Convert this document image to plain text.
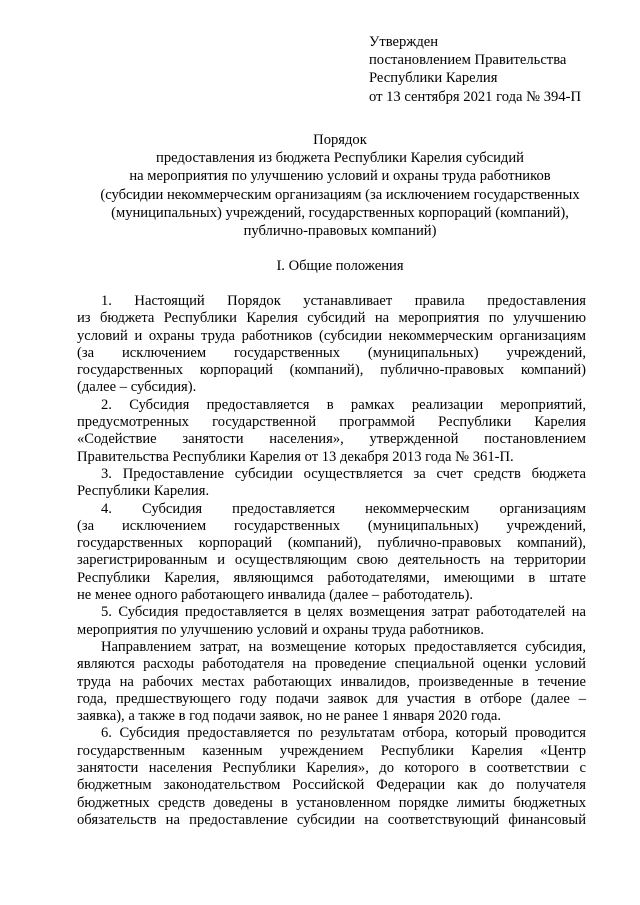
Утвержден
постановлением Правительства
Республики Карелия
от 13 сентября 2021 года № 394-П
Порядок
предоставления из бюджета Республики Карелия субсидий
на мероприятия по улучшению условий и охраны труда работников
(субсидии некоммерческим организациям (за исключением государственных
(муниципальных) учреждений, государственных корпораций (компаний),
публично-правовых компаний)
I. Общие положения
1. Настоящий Порядок устанавливает правила предоставления
из бюджета Республики Карелия субсидий на мероприятия по улучшению
условий и охраны труда работников (субсидии некоммерческим организациям
(за исключением государственных (муниципальных) учреждений,
государственных корпораций (компаний), публично-правовых компаний)
(далее – субсидия).
2. Субсидия предоставляется в рамках реализации мероприятий,
предусмотренных государственной программой Республики Карелия
«Содействие занятости населения», утвержденной постановлением
Правительства Республики Карелия от 13 декабря 2013 года № 361-П.
3. Предоставление субсидии осуществляется за счет средств бюджета
Республики Карелия.
4. Субсидия предоставляется некоммерческим организациям
(за исключением государственных (муниципальных) учреждений,
государственных корпораций (компаний), публично-правовых компаний),
зарегистрированным и осуществляющим свою деятельность на территории
Республики Карелия, являющимся работодателями, имеющими в штате
не менее одного работающего инвалида (далее – работодатель).
5. Субсидия предоставляется в целях возмещения затрат работодателей на
мероприятия по улучшению условий и охраны труда работников.
Направлением затрат, на возмещение которых предоставляется субсидия,
являются расходы работодателя на проведение специальной оценки условий
труда на рабочих местах работающих инвалидов, произведенные в течение
года, предшествующего году подачи заявок для участия в отборе (далее –
заявка), а также в год подачи заявок, но не ранее 1 января 2020 года.
6. Субсидия предоставляется по результатам отбора, который проводится
государственным казенным учреждением Республики Карелия «Центр
занятости населения Республики Карелия», до которого в соответствии с
бюджетным законодательством Российской Федерации как до получателя
бюджетных средств доведены в установленном порядке лимиты бюджетных
обязательств на предоставление субсидии на соответствующий финансовый
